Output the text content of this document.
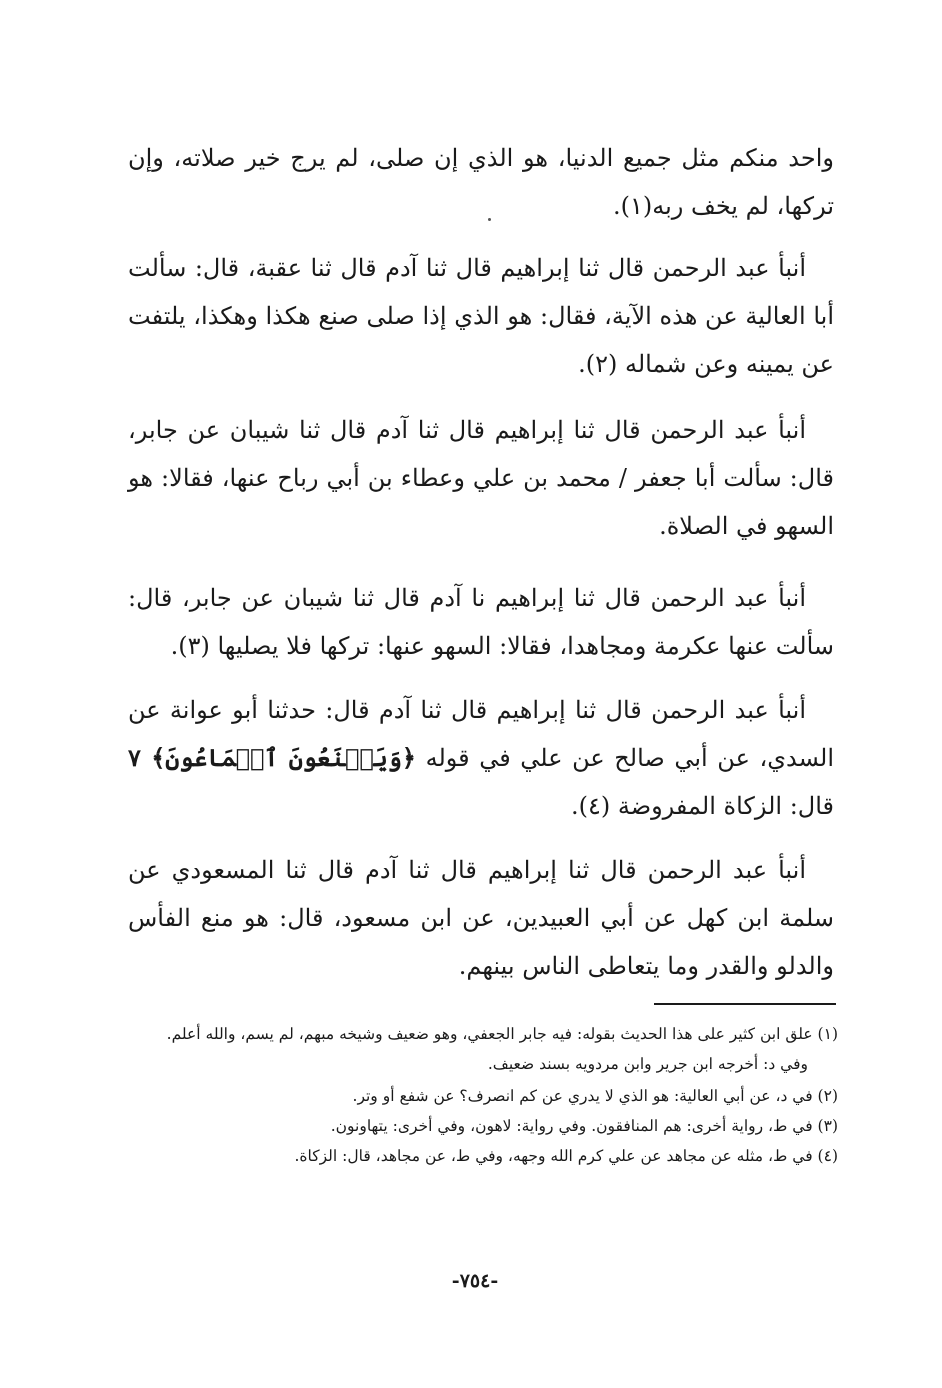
واحد منكم مثل جميع الدنيا، هو الذي إن صلى، لم يرج خير صلاته، وإن تركها، لم يخف ربه(١).

أنبأ عبد الرحمن قال ثنا إبراهيم قال ثنا آدم قال ثنا عقبة، قال: سألت أبا العالية عن هذه الآية، فقال: هو الذي إذا صلى صنع هكذا وهكذا، يلتفت عن يمينه وعن شماله (٢).

أنبأ عبد الرحمن قال ثنا إبراهيم قال ثنا آدم قال ثنا شيبان عن جابر، قال: سألت أبا جعفر / محمد بن علي وعطاء بن أبي رباح عنها، فقالا: هو السهو في الصلاة.

أنبأ عبد الرحمن قال ثنا إبراهيم نا آدم قال ثنا شيبان عن جابر، قال: سألت عنها عكرمة ومجاهدا، فقالا: السهو عنها: تركها فلا يصليها (٣).

أنبأ عبد الرحمن قال ثنا إبراهيم قال ثنا آدم قال: حدثنا أبو عوانة عن السدي، عن أبي صالح عن علي في قوله ﴿وَيَمۡنَعُونَ ٱلۡمَاعُونَ﴾ ٧ قال: الزكاة المفروضة (٤).

أنبأ عبد الرحمن قال ثنا إبراهيم قال ثنا آدم قال ثنا المسعودي عن سلمة ابن كهل عن أبي العبيدين، عن ابن مسعود، قال: هو منع الفأس والدلو والقدر وما يتعاطى الناس بينهم.

(١) علق ابن كثير على هذا الحديث بقوله: فيه جابر الجعفي، وهو ضعيف وشيخه مبهم، لم يسم، والله أعلم.

وفي د: أخرجه ابن جرير وابن مردويه بسند ضعيف.

(٢) في د، عن أبي العالية: هو الذي لا يدري عن كم انصرف؟ عن شفع أو وتر.

(٣) في ط، رواية أخرى: هم المنافقون. وفي رواية: لاهون، وفي أخرى: يتهاونون.

(٤) في ط، مثله عن مجاهد عن علي كرم الله وجهه، وفي ط، عن مجاهد، قال: الزكاة.

-٧٥٤-
